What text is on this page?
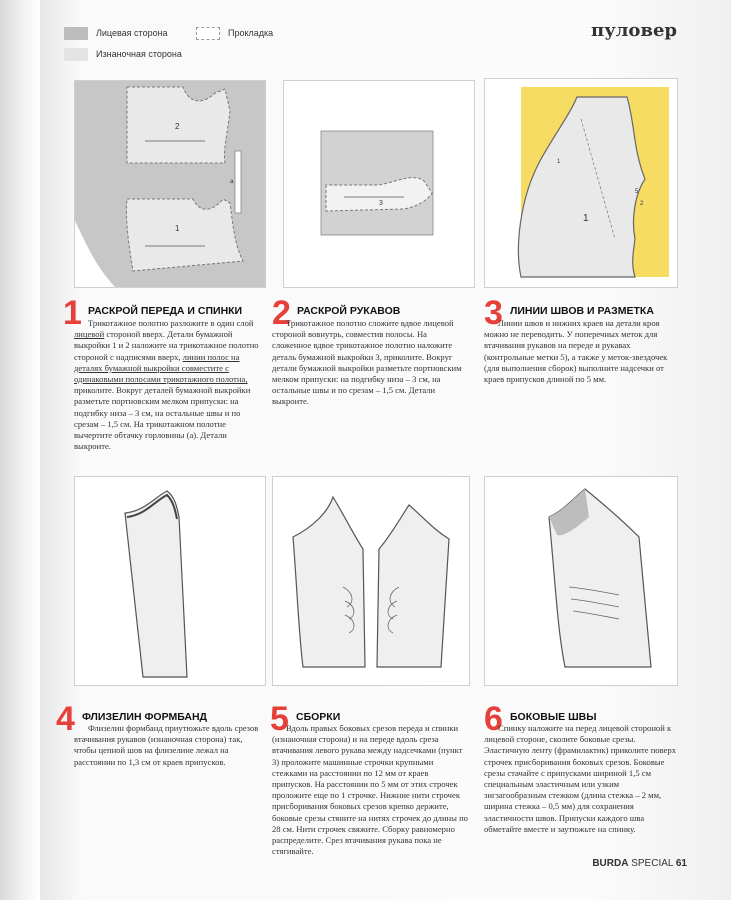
Лицевая сторона	Прокладка
Изнаночная сторона
пуловер
2
1
а
3
1
5
2
1
1 РАСКРОЙ ПЕРЕДА И СПИНКИ
Трикотажное полотно разложите в один слой лицевой стороной вверх. Детали бумажной выкройки 1 и 2 наложите на трикотажное полотно стороной с надписями вверх, линии полос на деталях бумажной выкройки совместите с одинаковыми полосами трикотажного полотна, приколите. Вокруг деталей бумажной выкройки разметьте портновским мелком припуски: на подгибку низа – 3 см, на остальные швы и по срезам – 1,5 см. На трикотажном полотне вычертите обтачку горловины (а). Детали выкроите.
2 РАСКРОЙ РУКАВОВ
Трикотажное полотно сложите вдвое лицевой стороной вовнутрь, совместив полосы. На сложенное вдвое трикотажное полотно наложите деталь бумажной выкройки 3, приколите. Вокруг детали бумажной выкройки разметьте портновским мелком припуски: на подгибку низа – 3 см, на остальные швы и по срезам – 1,5 см. Детали выкроите.
3 ЛИНИИ ШВОВ И РАЗМЕТКА
Линии швов и нижних краев на детали кроя можно не переводить. У поперечных меток для втачивания рукавов на переде и рукавах (контрольные метки 5), а также у меток-звездочек (для выполнения сборок) выполните надсечки от краев припусков длиной по 5 мм.
4 ФЛИЗЕЛИН ФОРМБАНД
Флизелин формбанд приутюжьте вдоль срезов втачивания рукавов (изнаночная сторона) так, чтобы цепной шов на флизелине лежал на расстоянии по 1,3 см от краев припусков.
5 СБОРКИ
Вдоль правых боковых срезов переда и спинки (изнаночная сторона) и на переде вдоль среза втачивания левого рукава между надсечками (пункт 3) проложите машинные строчки крупными стежками на расстоянии по 12 мм от краев припусков. На расстоянии по 5 мм от этих строчек проложите еще по 1 строчке. Нижние нити строчек присборивания боковых срезов крепко держите, боковые срезы стяните на нитях строчек до длины по 28 см. Нити строчек свяжите. Сборку равномерно распределите. Срез втачивания рукава пока не стягивайте.
6 БОКОВЫЕ ШВЫ
Спинку наложите на перед лицевой стороной к лицевой стороне, сколите боковые срезы. Эластичную ленту (фрамилактик) приколите поверх строчек присборивания боковых срезов. Боковые срезы стачайте с припусками шириной 1,5 см специальным эластичным или узким зигзагообразным стежком (длина стежка – 2 мм, ширина стежка – 0,5 мм) для сохранения эластичности швов. Припуски каждого шва обметайте вместе и заутюжьте на спинку.
BURDA SPECIAL 61
